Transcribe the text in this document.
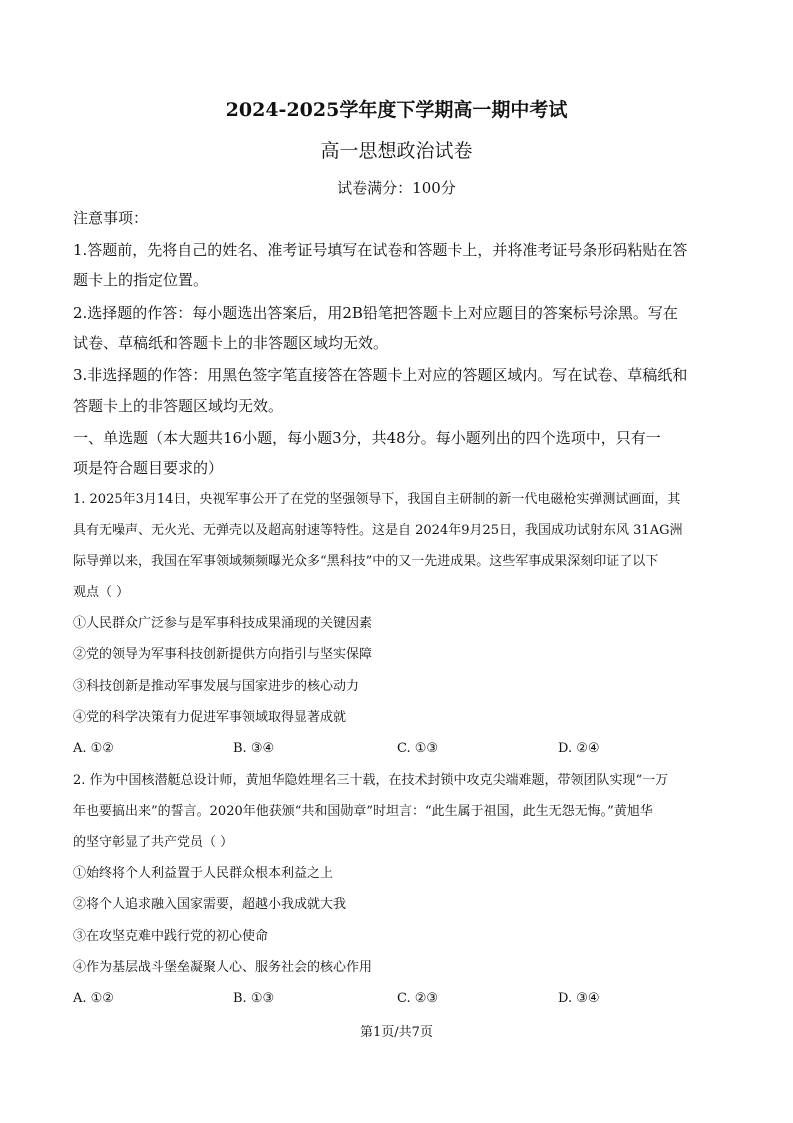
2024-2025学年度下学期高一期中考试
高一思想政治试卷
试卷满分：100分
注意事项：
1.答题前，先将自己的姓名、准考证号填写在试卷和答题卡上，并将准考证号条形码粘贴在答
题卡上的指定位置。
2.选择题的作答：每小题选出答案后，用2B铅笔把答题卡上对应题目的答案标号涂黑。写在
试卷、草稿纸和答题卡上的非答题区域均无效。
3.非选择题的作答：用黑色签字笔直接答在答题卡上对应的答题区域内。写在试卷、草稿纸和
答题卡上的非答题区域均无效。
一、单选题（本大题共16小题，每小题3分，共48分。每小题列出的四个选项中，只有一
项是符合题目要求的）
1. 2025年3月14日，央视军事公开了在党的坚强领导下，我国自主研制的新一代电磁枪实弹测试画面，其
具有无噪声、无火光、无弹壳以及超高射速等特性。这是自 2024年9月25日，我国成功试射东风 31AG洲
际导弹以来，我国在军事领域频频曝光众多“黑科技”中的又一先进成果。这些军事成果深刻印证了以下
观点（ ）
①人民群众广泛参与是军事科技成果涌现的关键因素
②党的领导为军事科技创新提供方向指引与坚实保障
③科技创新是推动军事发展与国家进步的核心动力
④党的科学决策有力促进军事领域取得显著成就
A. ①②	B. ③④	C. ①③	D. ②④
2. 作为中国核潜艇总设计师，黄旭华隐姓埋名三十载，在技术封锁中攻克尖端难题，带领团队实现“一万
年也要搞出来”的誓言。2020年他获颁“共和国勋章”时坦言：“此生属于祖国，此生无怨无悔。”黄旭华
的坚守彰显了共产党员（ ）
①始终将个人利益置于人民群众根本利益之上
②将个人追求融入国家需要，超越小我成就大我
③在攻坚克难中践行党的初心使命
④作为基层战斗堡垒凝聚人心、服务社会的核心作用
A. ①②	B. ①③	C. ②③	D. ③④
第1页/共7页
